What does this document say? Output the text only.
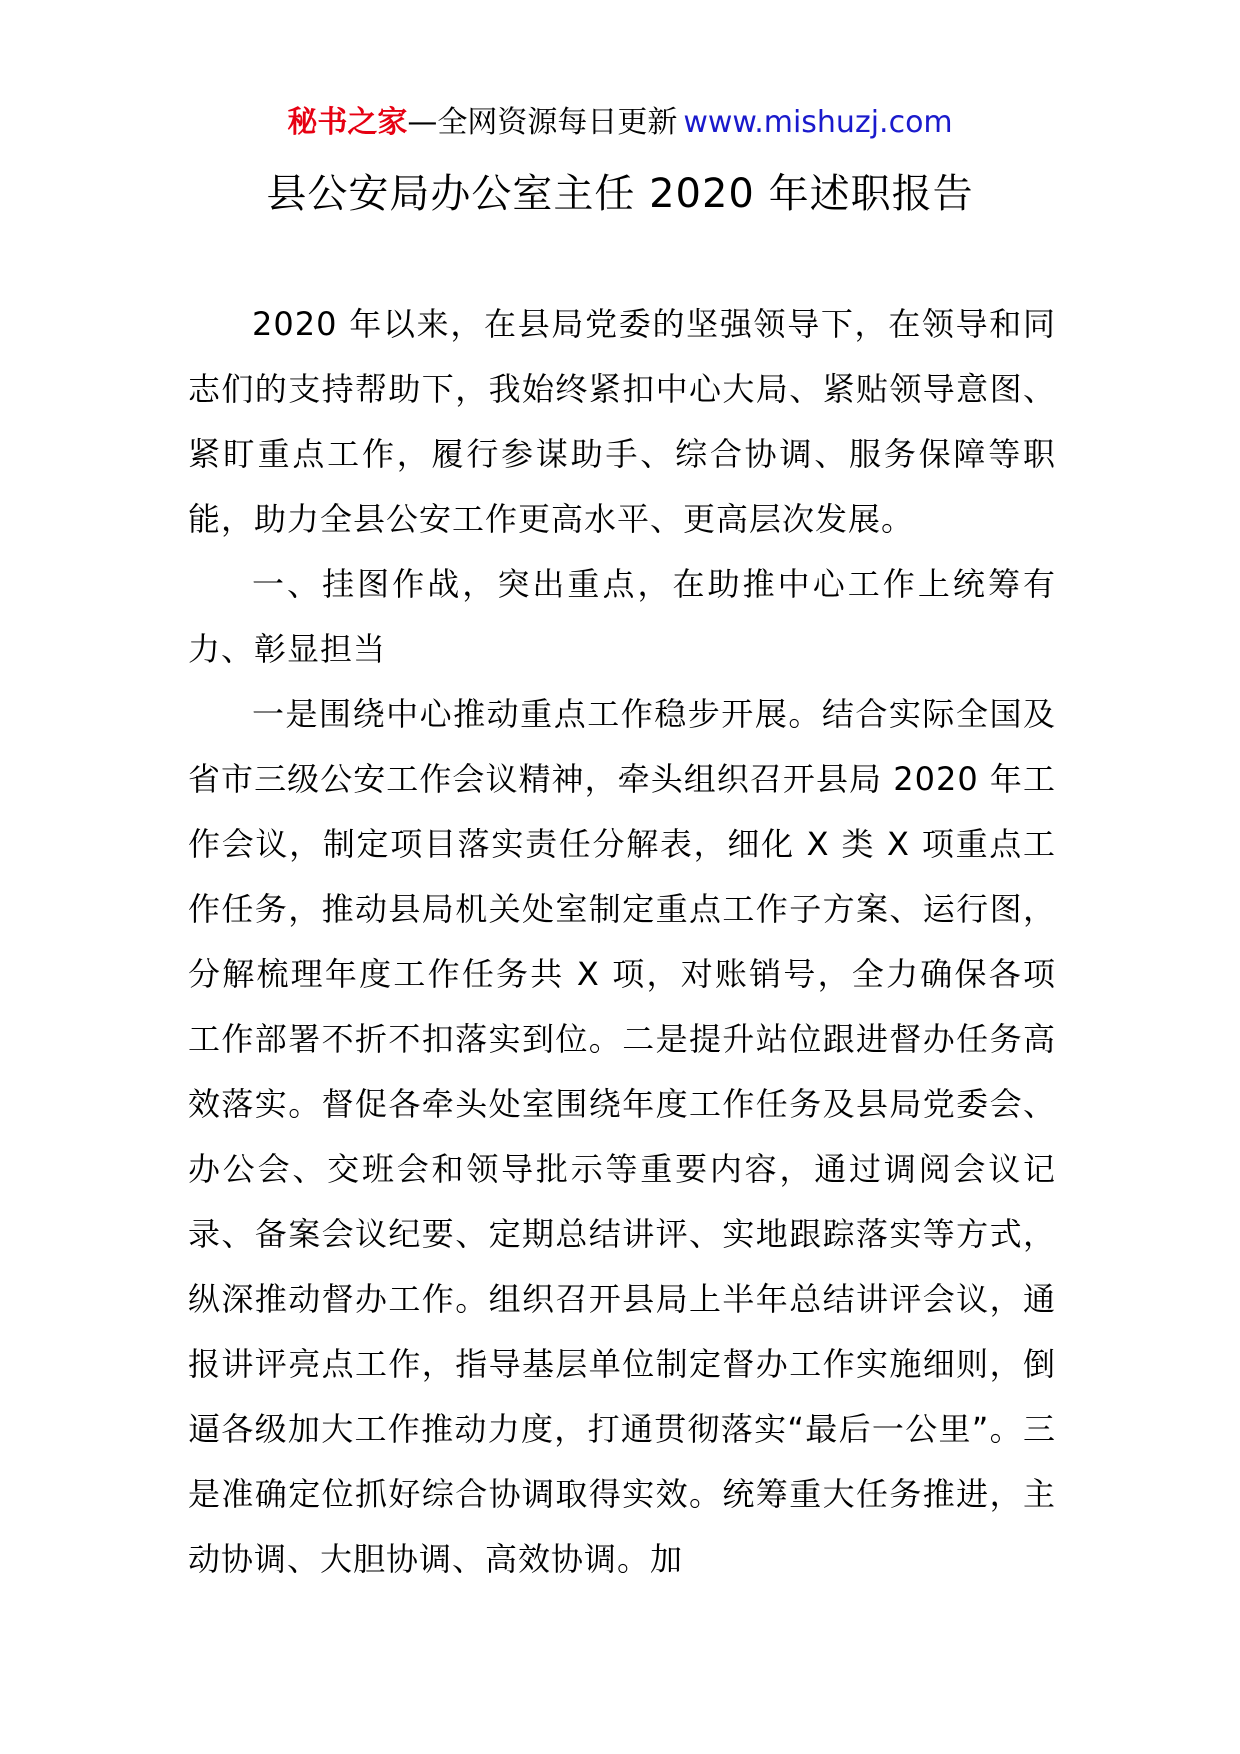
秘书之家—全网资源每日更新 www.mishuzj.com
县公安局办公室主任 2020 年述职报告

2020 年以来，在县局党委的坚强领导下，在领导和同志们的支持帮助下，我始终紧扣中心大局、紧贴领导意图、紧盯重点工作，履行参谋助手、综合协调、服务保障等职能，助力全县公安工作更高水平、更高层次发展。

一、挂图作战，突出重点，在助推中心工作上统筹有力、彰显担当

一是围绕中心推动重点工作稳步开展。结合实际全国及省市三级公安工作会议精神，牵头组织召开县局 2020 年工作会议，制定项目落实责任分解表，细化 X 类 X 项重点工作任务，推动县局机关处室制定重点工作子方案、运行图，分解梳理年度工作任务共 X 项，对账销号，全力确保各项工作部署不折不扣落实到位。二是提升站位跟进督办任务高效落实。督促各牵头处室围绕年度工作任务及县局党委会、办公会、交班会和领导批示等重要内容，通过调阅会议记录、备案会议纪要、定期总结讲评、实地跟踪落实等方式，纵深推动督办工作。组织召开县局上半年总结讲评会议，通报讲评亮点工作，指导基层单位制定督办工作实施细则，倒逼各级加大工作推动力度，打通贯彻落实“最后一公里”。三是准确定位抓好综合协调取得实效。统筹重大任务推进，主动协调、大胆协调、高效协调。加
